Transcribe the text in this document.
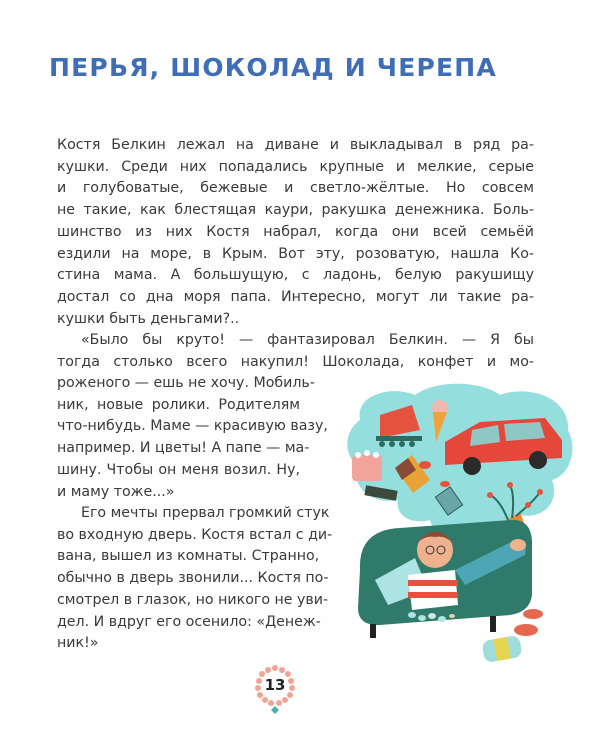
ПЕРЬЯ, ШОКОЛАД И ЧЕРЕПА
Костя Белкин лежал на диване и выкладывал в ряд ра-
кушки. Среди них попадались крупные и мелкие, серые
и голубоватые, бежевые и светло-жёлтые. Но совсем
не такие, как блестящая каури, ракушка денежника. Боль-
шинство из них Костя набрал, когда они всей семьёй
ездили на море, в Крым. Вот эту, розоватую, нашла Ко-
стина мама. А большущую, с ладонь, белую ракушищу
достал со дна моря папа. Интересно, могут ли такие ра-
кушки быть деньгами?..
«Было бы круто! — фантазировал Белкин. — Я бы
тогда столько всего накупил! Шоколада, конфет и мо-
роженого — ешь не хочу. Мобиль-
ник, новые ролики. Родителям
что-нибудь. Маме — красивую вазу,
например. И цветы! А папе — ма-
шину. Чтобы он меня возил. Ну,
и маму тоже...»
Его мечты прервал громкий стук
во входную дверь. Костя встал с ди-
вана, вышел из комнаты. Странно,
обычно в дверь звонили... Костя по-
смотрел в глазок, но никого не уви-
дел. И вдруг его осенило: «Денеж-
ник!»
13
